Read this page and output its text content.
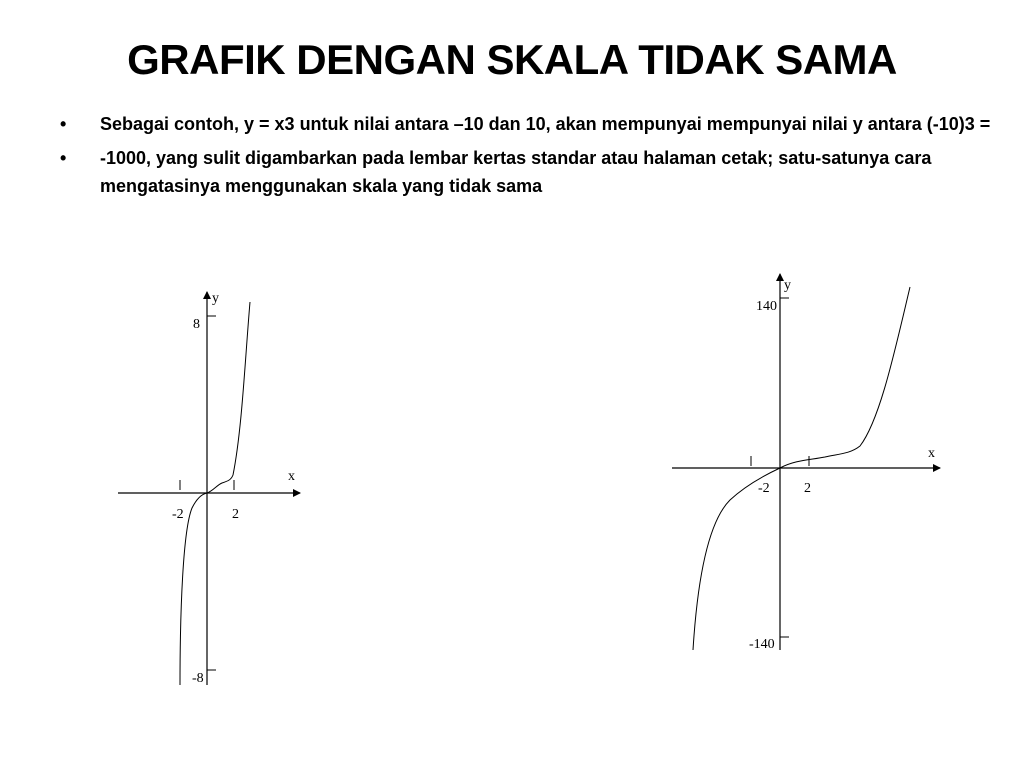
GRAFIK DENGAN SKALA TIDAK SAMA
•	Sebagai contoh, y = x3 untuk nilai antara –10 dan 10, akan mempunyai mempunyai nilai y antara (-10)3 =
•	-1000, yang sulit digambarkan pada lembar kertas standar atau halaman cetak; satu-satunya cara mengatasinya menggunakan skala yang tidak sama
x
y
-2	2
8
-8
x
y
-2 2
140
-140
